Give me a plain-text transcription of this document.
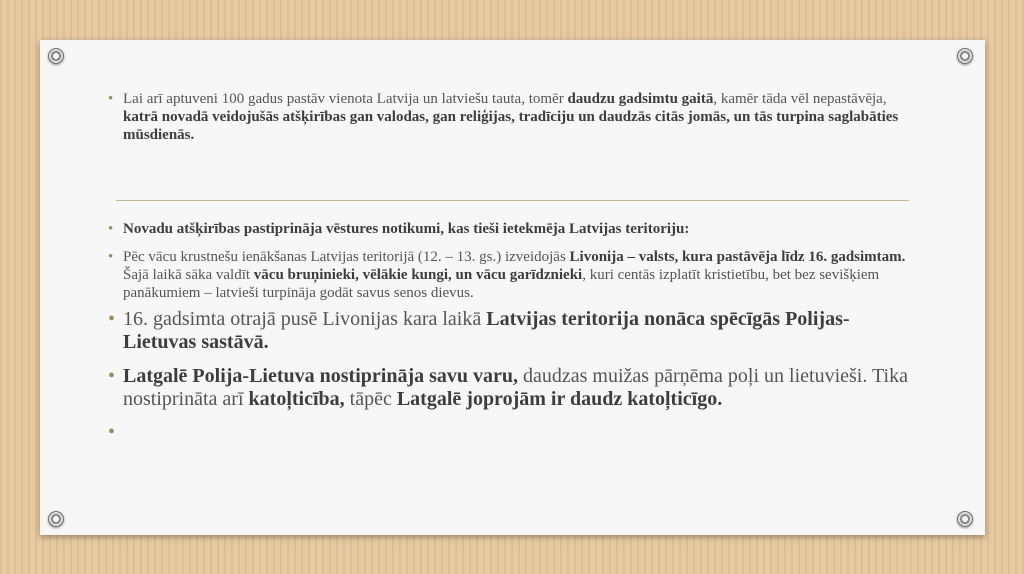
• Lai arī aptuveni 100 gadus pastāv vienota Latvija un latviešu tauta, tomēr daudzu gadsimtu gaitā, kamēr tāda vēl nepastāvēja, katrā novadā veidojušās atšķirības gan valodas, gan reliģijas, tradīciju un daudzās citās jomās, un tās turpina saglabāties mūsdienās.
• Novadu atšķirības pastiprināja vēstures notikumi, kas tieši ietekmēja Latvijas teritoriju:
• Pēc vācu krustnešu ienākšanas Latvijas teritorijā (12. – 13. gs.) izveidojās Livonija – valsts, kura pastāvēja līdz 16. gadsimtam. Šajā laikā sāka valdīt vācu bruņinieki, vēlākie kungi, un vācu garīdznieki, kuri centās izplatīt kristietību, bet bez sevišķiem panākumiem – latvieši turpināja godāt savus senos dievus.
• 16. gadsimta otrajā pusē Livonijas kara laikā Latvijas teritorija nonāca spēcīgās Polijas-Lietuvas sastāvā.
• Latgalē Polija-Lietuva nostiprināja savu varu, daudzas muižas pārņēma poļi un lietuvieši. Tika nostiprināta arī katoļticība, tāpēc Latgalē joprojām ir daudz katoļticīgo.
•
